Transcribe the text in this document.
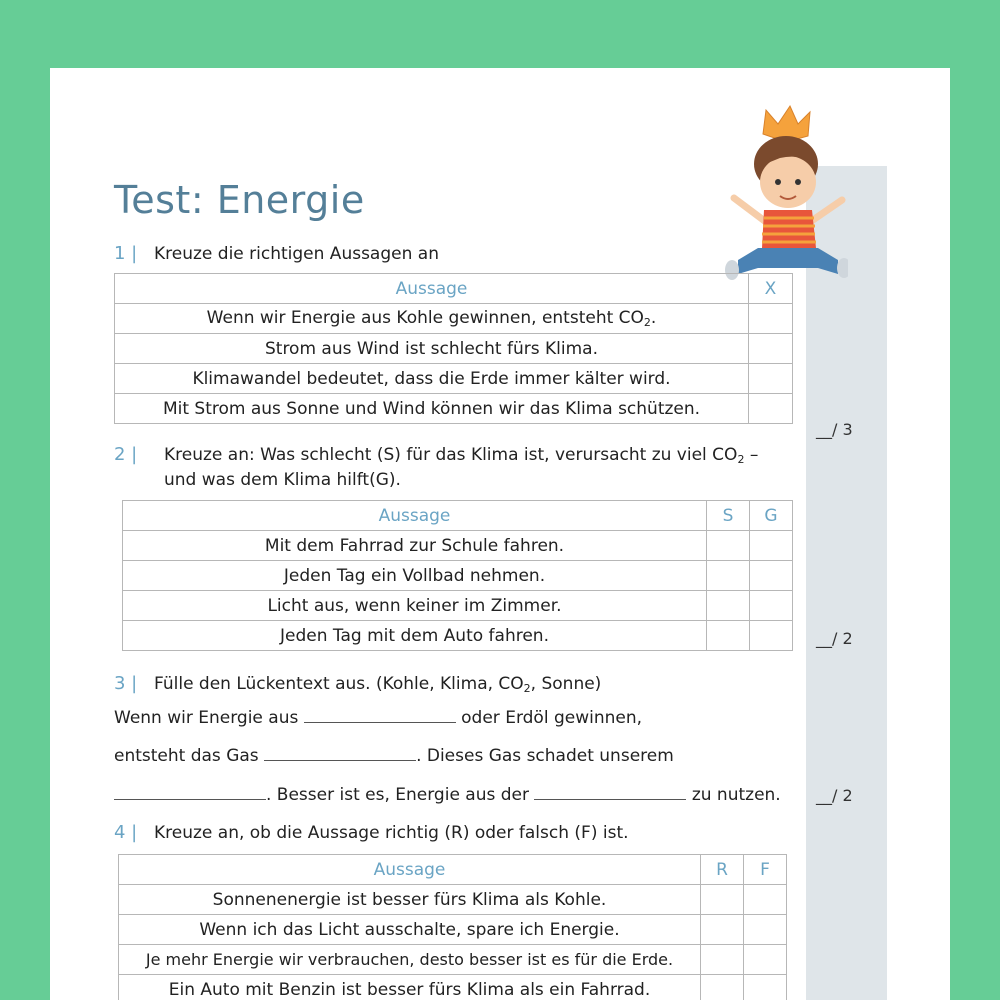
Test: Energie
1 | Kreuze die richtigen Aussagen an
Aussage	X
Wenn wir Energie aus Kohle gewinnen, entsteht $CO_2$.	
Strom aus Wind ist schlecht fürs Klima.	
Klimawandel bedeutet, dass die Erde immer kälter wird.	
Mit Strom aus Sonne und Wind können wir das Klima schützen.	
__/ 3
2 | Kreuze an: Was schlecht (S) für das Klima ist, verursacht zu viel $CO_2$ –
und was dem Klima hilft(G).
Aussage	S	G
Mit dem Fahrrad zur Schule fahren.		
Jeden Tag ein Vollbad nehmen.		
Licht aus, wenn keiner im Zimmer.		
Jeden Tag mit dem Auto fahren.			__/ 2
3 | Fülle den Lückentext aus. (Kohle, Klima, $CO_2$, Sonne)
Wenn wir Energie aus	oder Erdöl gewinnen,
entsteht das Gas	. Dieses Gas schadet unserem
. Besser ist es, Energie aus der	zu nutzen. __/ 2
4 | Kreuze an, ob die Aussage richtig (R) oder falsch (F) ist.
Aussage	R	F
Sonnenenergie ist besser fürs Klima als Kohle.		
Wenn ich das Licht ausschalte, spare ich Energie.		
Je mehr Energie wir verbrauchen, desto besser ist es für die Erde.		
Ein Auto mit Benzin ist besser fürs Klima als ein Fahrrad.		
